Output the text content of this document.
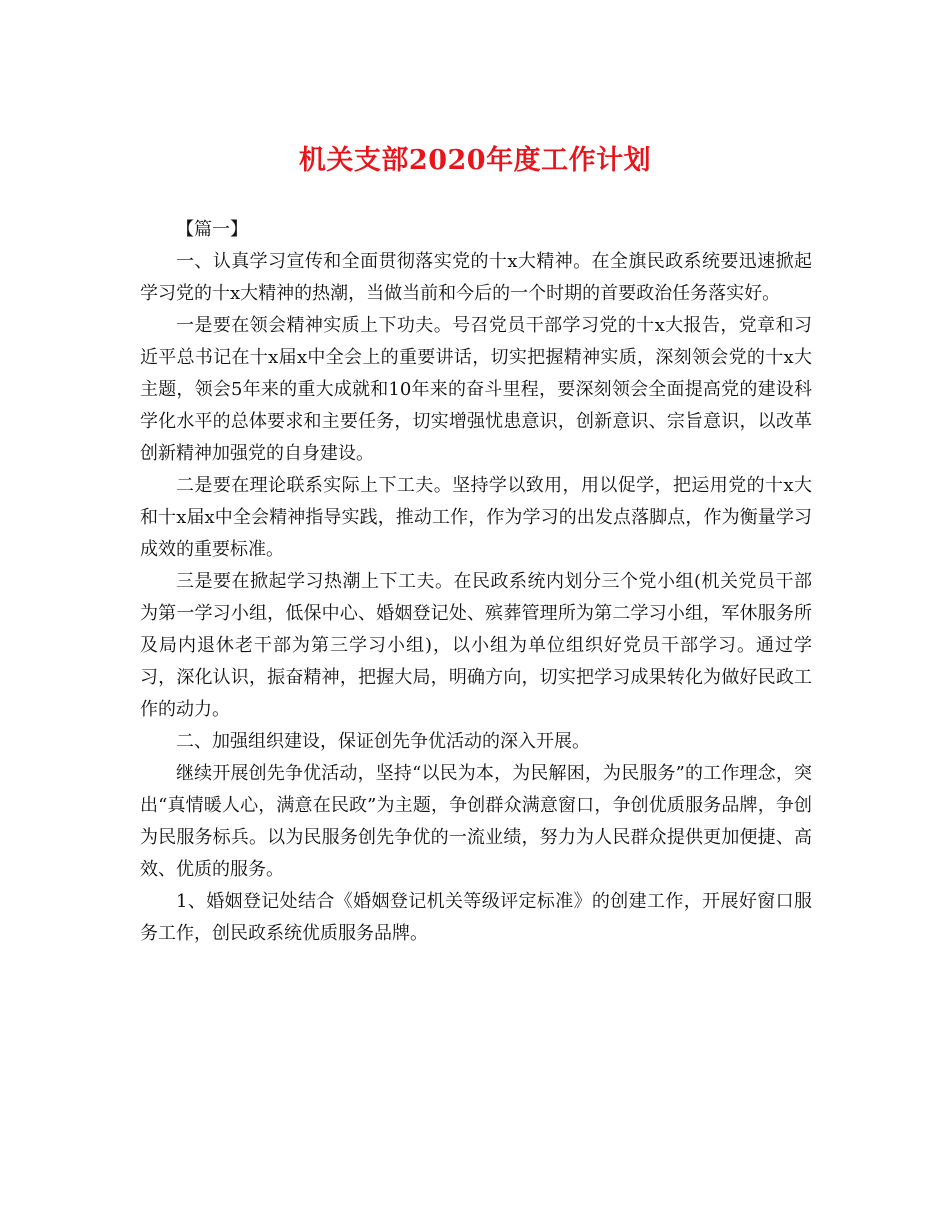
机关支部2020年度工作计划

【篇一】

一、认真学习宣传和全面贯彻落实党的十x大精神。在全旗民政系统要迅速掀起学习党的十x大精神的热潮，当做当前和今后的一个时期的首要政治任务落实好。

一是要在领会精神实质上下功夫。号召党员干部学习党的十x大报告，党章和习近平总书记在十x届x中全会上的重要讲话，切实把握精神实质，深刻领会党的十x大主题，领会5年来的重大成就和10年来的奋斗里程，要深刻领会全面提高党的建设科学化水平的总体要求和主要任务，切实增强忧患意识，创新意识、宗旨意识，以改革创新精神加强党的自身建设。

二是要在理论联系实际上下工夫。坚持学以致用，用以促学，把运用党的十x大和十x届x中全会精神指导实践，推动工作，作为学习的出发点落脚点，作为衡量学习成效的重要标准。

三是要在掀起学习热潮上下工夫。在民政系统内划分三个党小组(机关党员干部为第一学习小组，低保中心、婚姻登记处、殡葬管理所为第二学习小组，军休服务所及局内退休老干部为第三学习小组)，以小组为单位组织好党员干部学习。通过学习，深化认识，振奋精神，把握大局，明确方向，切实把学习成果转化为做好民政工作的动力。

二、加强组织建设，保证创先争优活动的深入开展。

继续开展创先争优活动，坚持“以民为本，为民解困，为民服务”的工作理念，突出“真情暖人心，满意在民政”为主题，争创群众满意窗口，争创优质服务品牌，争创为民服务标兵。以为民服务创先争优的一流业绩，努力为人民群众提供更加便捷、高效、优质的服务。

1、婚姻登记处结合《婚姻登记机关等级评定标准》的创建工作，开展好窗口服务工作，创民政系统优质服务品牌。
